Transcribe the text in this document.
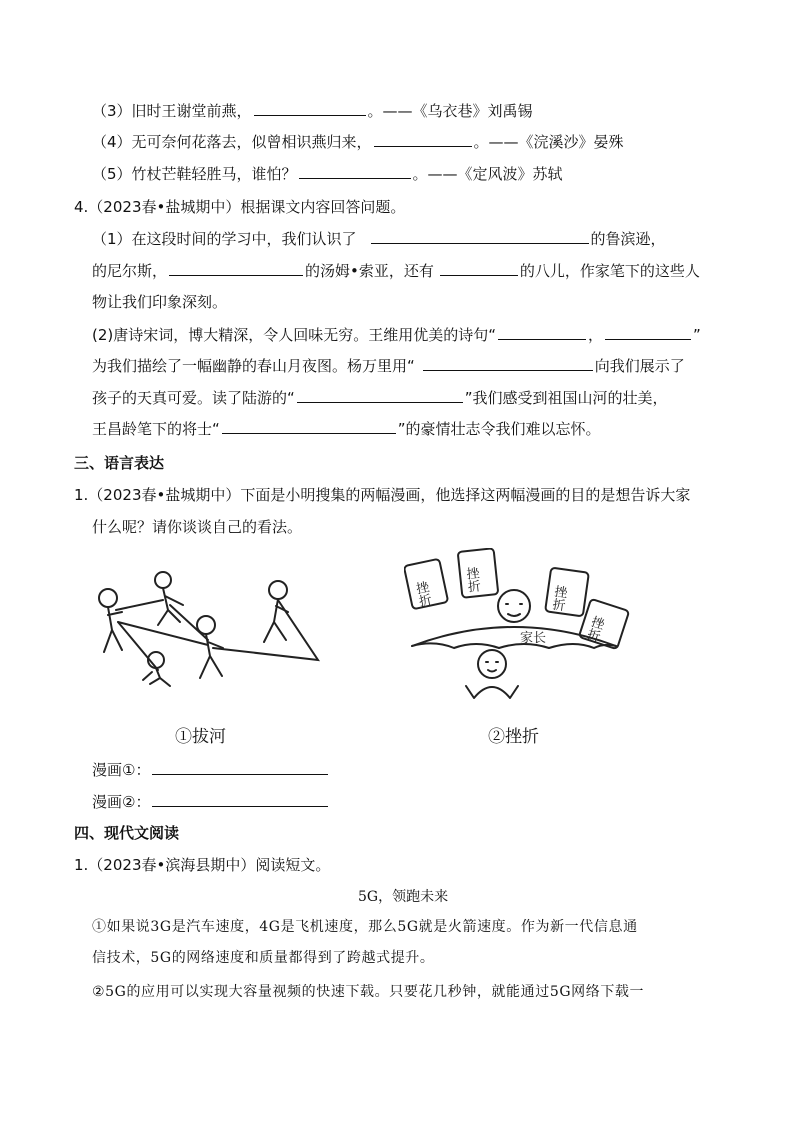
（3）旧时王谢堂前燕，	。——《乌衣巷》刘禹锡
（4）无可奈何花落去，似曾相识燕归来，	。——《浣溪沙》晏殊
（5）竹杖芒鞋轻胜马，谁怕？	。——《定风波》苏轼
4.（2023春•盐城期中）根据课文内容回答问题。
（1）在这段时间的学习中，我们认识了	的鲁滨逊，
的尼尔斯，	的汤姆•索亚，还有	的八儿，作家笔下的这些人
物让我们印象深刻。
(2)唐诗宋词，博大精深，令人回味无穷。王维用优美的诗句“	，	”
为我们描绘了一幅幽静的春山月夜图。杨万里用“	向我们展示了
孩子的天真可爱。读了陆游的“	”我们感受到祖国山河的壮美，
王昌龄笔下的将士“	”的豪情壮志令我们难以忘怀。
三、语言表达
1.（2023春•盐城期中）下面是小明搜集的两幅漫画，他选择这两幅漫画的目的是想告诉大家
什么呢？请你谈谈自己的看法。
①拔河
挫折
挫折
挫折
挫折
家长
②挫折
漫画①：
漫画②：
四、现代文阅读
1.（2023春•滨海县期中）阅读短文。
5G，领跑未来
①如果说3G是汽车速度，4G是飞机速度，那么5G就是火箭速度。作为新一代信息通
信技术，5G的网络速度和质量都得到了跨越式提升。
②5G的应用可以实现大容量视频的快速下载。只要花几秒钟，就能通过5G网络下载一
